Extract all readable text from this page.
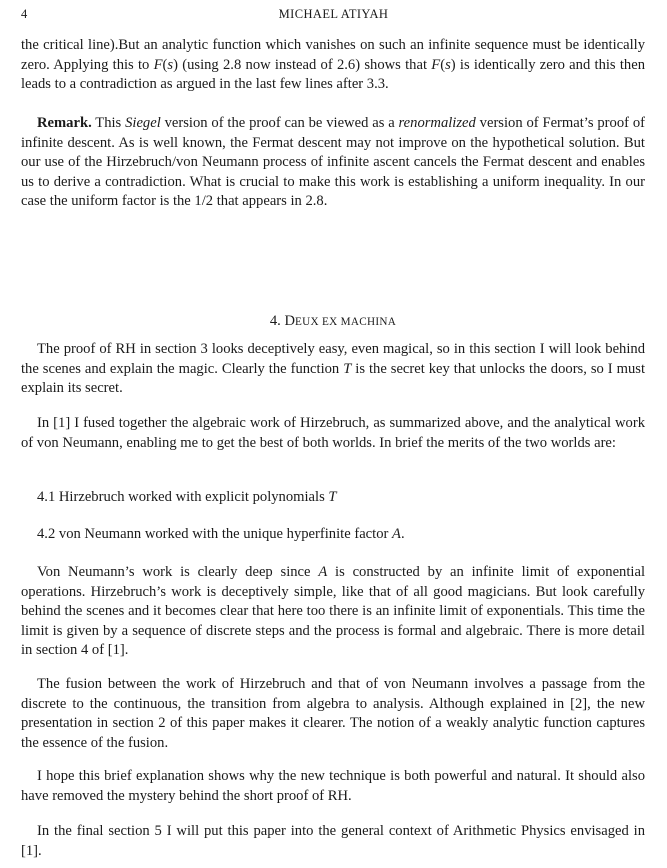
4	MICHAEL ATIYAH

the critical line).But an analytic function which vanishes on such an infinite sequence must be identically zero. Applying this to F(s) (using 2.8 now instead of 2.6) shows that F(s) is identically zero and this then leads to a contradiction as argued in the last few lines after 3.3.

Remark. This Siegel version of the proof can be viewed as a renormalized version of Fermat’s proof of infinite descent. As is well known, the Fermat descent may not improve on the hypothetical solution. But our use of the Hirzebruch/von Neumann process of infinite ascent cancels the Fermat descent and enables us to derive a contradiction. What is crucial to make this work is establishing a uniform inequality. In our case the uniform factor is the 1/2 that appears in 2.8.

4. DEUX EX MACHINA

The proof of RH in section 3 looks deceptively easy, even magical, so in this section I will look behind the scenes and explain the magic. Clearly the function T is the secret key that unlocks the doors, so I must explain its secret.

In [1] I fused together the algebraic work of Hirzebruch, as summarized above, and the analytical work of von Neumann, enabling me to get the best of both worlds. In brief the merits of the two worlds are:

4.1 Hirzebruch worked with explicit polynomials T
4.2 von Neumann worked with the unique hyperfinite factor A.

Von Neumann’s work is clearly deep since A is constructed by an infinite limit of exponential operations. Hirzebruch’s work is deceptively simple, like that of all good magicians. But look carefully behind the scenes and it becomes clear that here too there is an infinite limit of exponentials. This time the limit is given by a sequence of discrete steps and the process is formal and algebraic. There is more detail in section 4 of [1].

The fusion between the work of Hirzebruch and that of von Neumann involves a passage from the discrete to the continuous, the transition from algebra to analysis. Although explained in [2], the new presentation in section 2 of this paper makes it clearer. The notion of a weakly analytic function captures the essence of the fusion.

I hope this brief explanation shows why the new technique is both powerful and natural. It should also have removed the mystery behind the short proof of RH.

In the final section 5 I will put this paper into the general context of Arithmetic Physics envisaged in [1].
